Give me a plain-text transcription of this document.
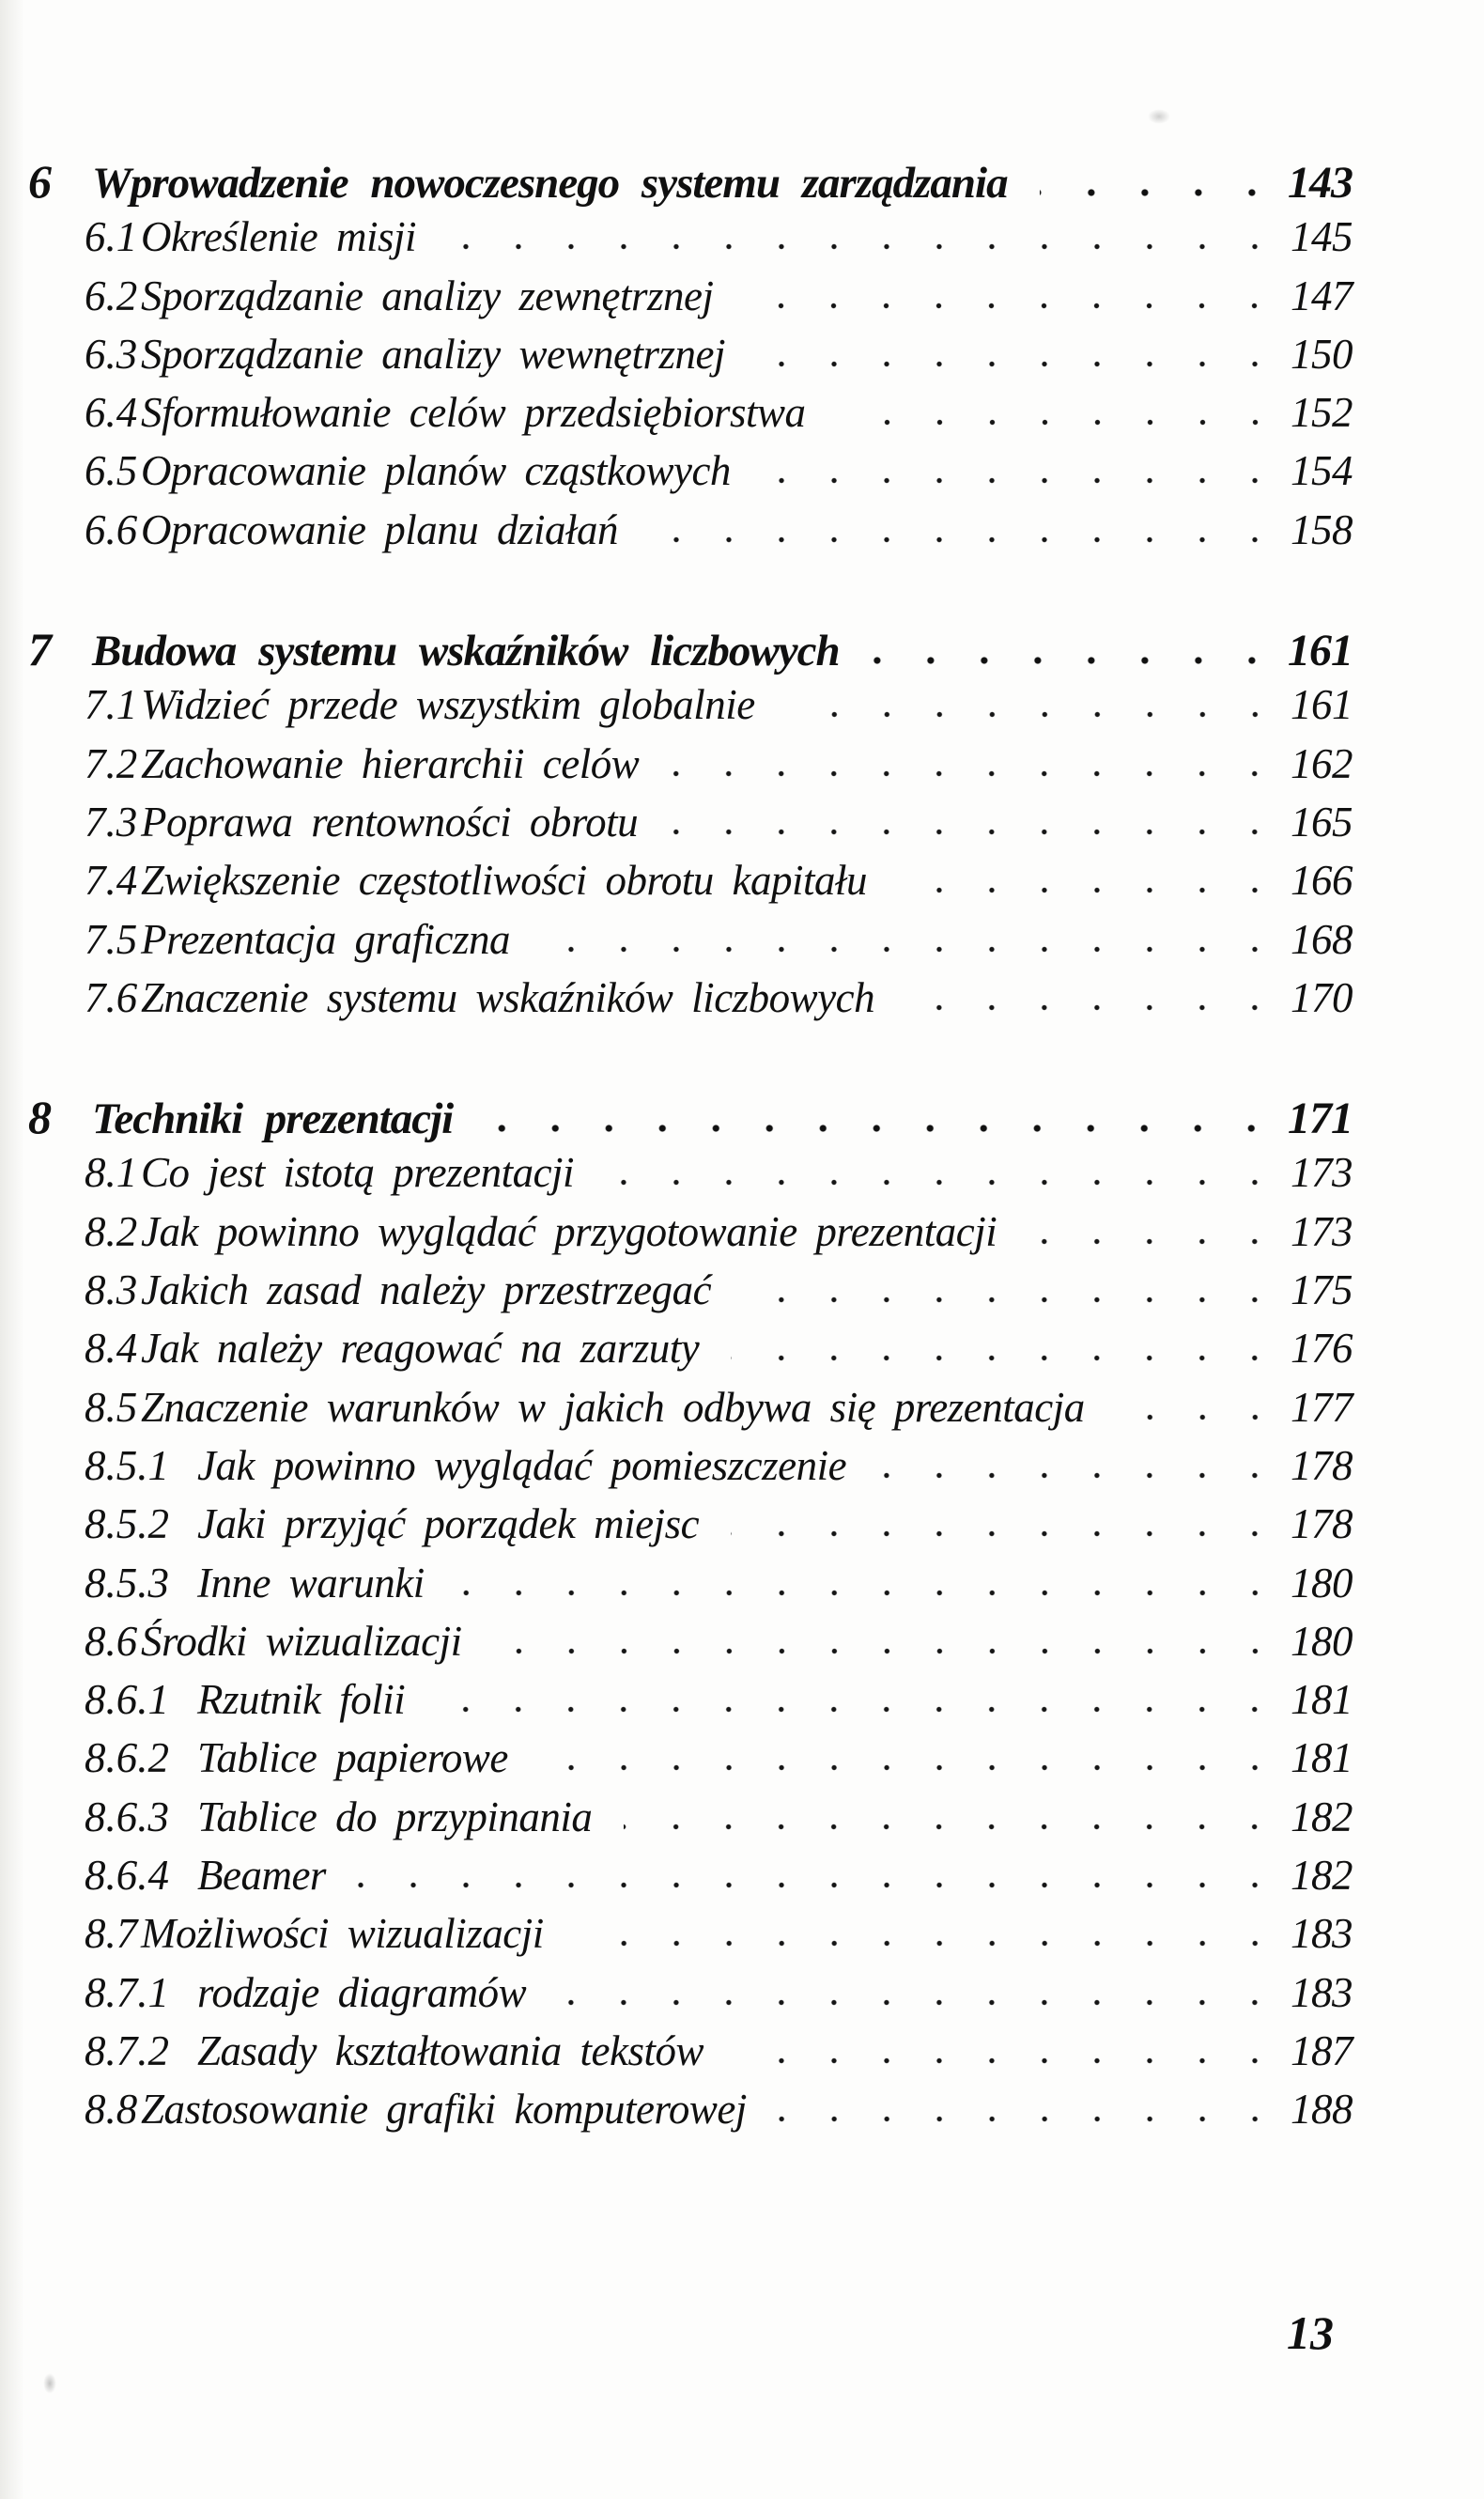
6 Wprowadzenie nowoczesnego systemu zarządzania	143
6.1 Określenie misji	145
6.2 Sporządzanie analizy zewnętrznej	147
6.3 Sporządzanie analizy wewnętrznej	150
6.4 Sformułowanie celów przedsiębiorstwa	152
6.5 Opracowanie planów cząstkowych	154
6.6 Opracowanie planu działań	158
7 Budowa systemu wskaźników liczbowych	161
7.1 Widzieć przede wszystkim globalnie	161
7.2 Zachowanie hierarchii celów	162
7.3 Poprawa rentowności obrotu	165
7.4 Zwiększenie częstotliwości obrotu kapitału	166
7.5 Prezentacja graficzna	168
7.6 Znaczenie systemu wskaźników liczbowych	170
8 Techniki prezentacji	171
8.1 Co jest istotą prezentacji	173
8.2 Jak powinno wyglądać przygotowanie prezentacji	173
8.3 Jakich zasad należy przestrzegać	175
8.4 Jak należy reagować na zarzuty	176
8.5 Znaczenie warunków w jakich odbywa się prezentacja	177
8.5.1 Jak powinno wyglądać pomieszczenie	178
8.5.2 Jaki przyjąć porządek miejsc	178
8.5.3 Inne warunki	180
8.6 Środki wizualizacji	180
8.6.1 Rzutnik folii	181
8.6.2 Tablice papierowe	181
8.6.3 Tablice do przypinania	182
8.6.4 Beamer	182
8.7 Możliwości wizualizacji	183
8.7.1 rodzaje diagramów	183
8.7.2 Zasady kształtowania tekstów	187
8.8 Zastosowanie grafiki komputerowej	188
13
